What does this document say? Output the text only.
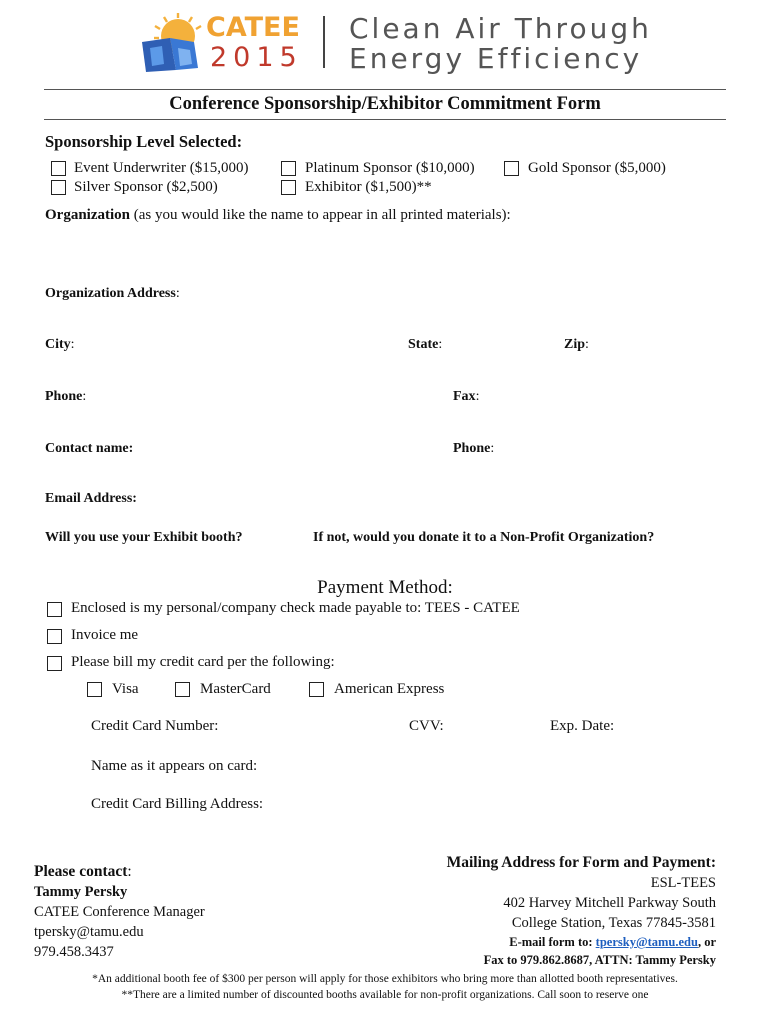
CATEE
2015
Clean Air Through
Energy Efficiency
Conference Sponsorship/Exhibitor Commitment Form
Sponsorship Level Selected:
Event Underwriter ($15,000)	Platinum Sponsor ($10,000)	Gold Sponsor ($5,000)
Silver Sponsor ($2,500)	Exhibitor ($1,500)**
Organization (as you would like the name to appear in all printed materials):
Organization Address:
City:	State:	Zip:
Phone:	Fax:
Contact name:	Phone:
Email Address:
Will you use your Exhibit booth?	If not, would you donate it to a Non-Profit Organization?
Payment Method:
Enclosed is my personal/company check made payable to: TEES - CATEE
Invoice me
Please bill my credit card per the following:
Visa	MasterCard	American Express
Credit Card Number:	CVV:	Exp. Date:
Name as it appears on card:
Credit Card Billing Address:
Please contact:
Tammy Persky
CATEE Conference Manager
tpersky@tamu.edu
979.458.3437
Mailing Address for Form and Payment:
ESL-TEES
402 Harvey Mitchell Parkway South
College Station, Texas 77845-3581
E-mail form to: tpersky@tamu.edu, or
Fax to 979.862.8687, ATTN: Tammy Persky
*An additional booth fee of $300 per person will apply for those exhibitors who bring more than allotted booth representatives.
**There are a limited number of discounted booths available for non-profit organizations. Call soon to reserve one
